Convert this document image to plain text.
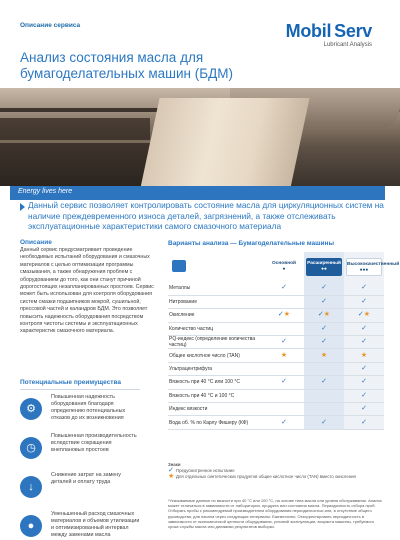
Описание сервиса	Mobil Serv
Lubricant Analysis
Анализ состояния масла для бумагоделательных машин (БДМ)
Energy lives here
Данный сервис позволяет контролировать состояние масла для циркуляционных систем на наличие преждевременного износа деталей, загрязнений, а также отслеживать эксплуатационные характеристики самого смазочного материала
Описание

Данный сервис предусматривает проведение необходимых испытаний оборудования и смазочных материалов с целью оптимизации программы смазывания, а также обнаружения проблем с оборудованием до того, как они станут причиной дорогостоящих незапланированных простоев. Сервис может быть использован для контроля оборудования систем смазки подшипников мокрой, сушильной, прессовой частей и каландров БДМ. Это позволяет повысить надежность оборудования посредством контроля чистоты системы и эксплуатационных характеристик смазочного материала.

Потенциальные преимущества
⚙
Повышенная надежность оборудования благодаря определению потенциальных отказов до их возникновения
◷
Повышенная производительность вследствие сокращения внеплановых простоев
↓
Снижение затрат на замену деталей и оплату труда
●
Уменьшенный расход смазочных материалов и объемов утилизации и оптимизированный интервал между заменами масла
Варианты анализа — Бумагоделательные машины
	Основной
●	Расширенный
●●	Высококачественный
●●●
Металлы	✓	✓	✓
Нитрование		✓	✓
Окисление	✓★	✓★	✓★
Количество частиц		✓	✓
PQ-индекс (определение количества частиц)	✓	✓	✓
Общее кислотное число (TAN)	★	★	★
Ультрацентрифуга			✓
Вязкость при 40 °C или 100 °C	✓	✓	✓
Вязкость при 40 °C и 100 °C			✓
Индекс вязкости			✓
Вода об. % по Карлу Фишеру (КФ)	✓	✓	✓
Знаки
✓ Предусмотренное испытание
★ Для отдельных синтетических продуктов общее кислотное число (TAN) вместо окисления
*Указываемые данные по вязкости при 40 °C или 100 °C, на основе типа масла или уровня обслуживания. Анализ может отличаться в зависимости от лаборатории, продукта или состояния масла. Периодичность отбора проб: Отбирать пробы с рекомендуемой производителем оборудования периодичностью или, в отсутствие общего руководства, для начала через следующие интервалы: Ежемесячно. Откорректировать периодичность в зависимости от экономической ценности оборудования, условий эксплуатации, возраста машины, требуемого срока службы масла или динамики результатов выборки.
